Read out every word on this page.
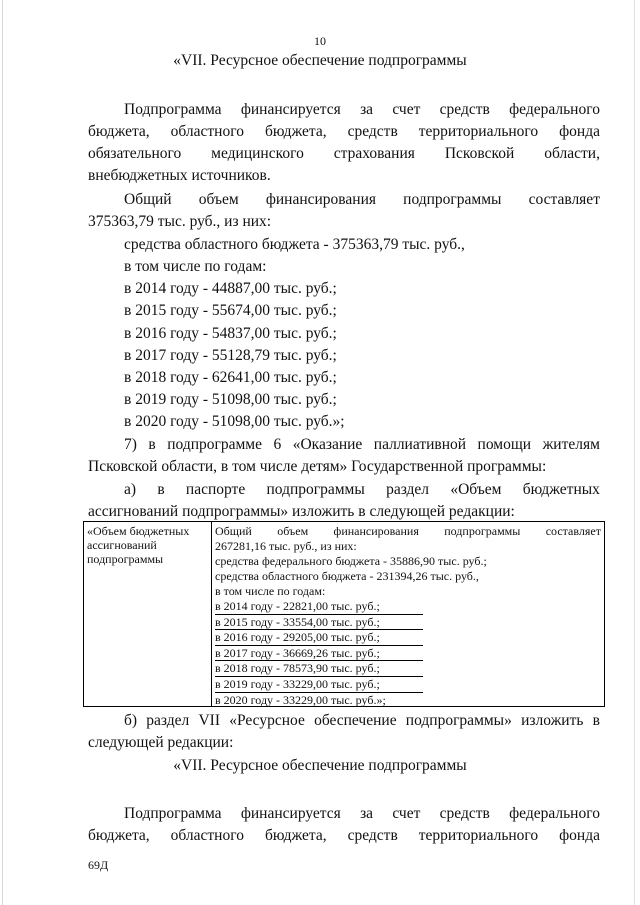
10
«VII. Ресурсное обеспечение подпрограммы
Подпрограмма финансируется за счет средств федерального
бюджета, областного бюджета, средств территориального фонда
обязательного медицинского страхования Псковской области,
внебюджетных источников.
Общий объем финансирования подпрограммы составляет
375363,79 тыс. руб., из них:
средства областного бюджета - 375363,79 тыс. руб.,
в том числе по годам:
в 2014 году - 44887,00 тыс. руб.;
в 2015 году - 55674,00 тыс. руб.;
в 2016 году - 54837,00 тыс. руб.;
в 2017 году - 55128,79 тыс. руб.;
в 2018 году - 62641,00 тыс. руб.;
в 2019 году - 51098,00 тыс. руб.;
в 2020 году - 51098,00 тыс. руб.»;
7) в подпрограмме 6 «Оказание паллиативной помощи жителям
Псковской области, в том числе детям» Государственной программы:
а) в паспорте подпрограммы раздел «Объем бюджетных
ассигнований подпрограммы» изложить в следующей редакции:
«Объем бюджетных
ассигнований
подпрограммы
Общий объем финансирования подпрограммы составляет
267281,16 тыс. руб., из них:
средства федерального бюджета - 35886,90 тыс. руб.;
средства областного бюджета - 231394,26 тыс. руб.,
в том числе по годам:
в 2014 году - 22821,00 тыс. руб.;
в 2015 году - 33554,00 тыс. руб.;
в 2016 году - 29205,00 тыс. руб.;
в 2017 году - 36669,26 тыс. руб.;
в 2018 году - 78573,90 тыс. руб.;
в 2019 году - 33229,00 тыс. руб.;
в 2020 году - 33229,00 тыс. руб.»;
б) раздел VII «Ресурсное обеспечение подпрограммы» изложить в
следующей редакции:
«VII. Ресурсное обеспечение подпрограммы
Подпрограмма финансируется за счет средств федерального
бюджета, областного бюджета, средств территориального фонда
69Д
